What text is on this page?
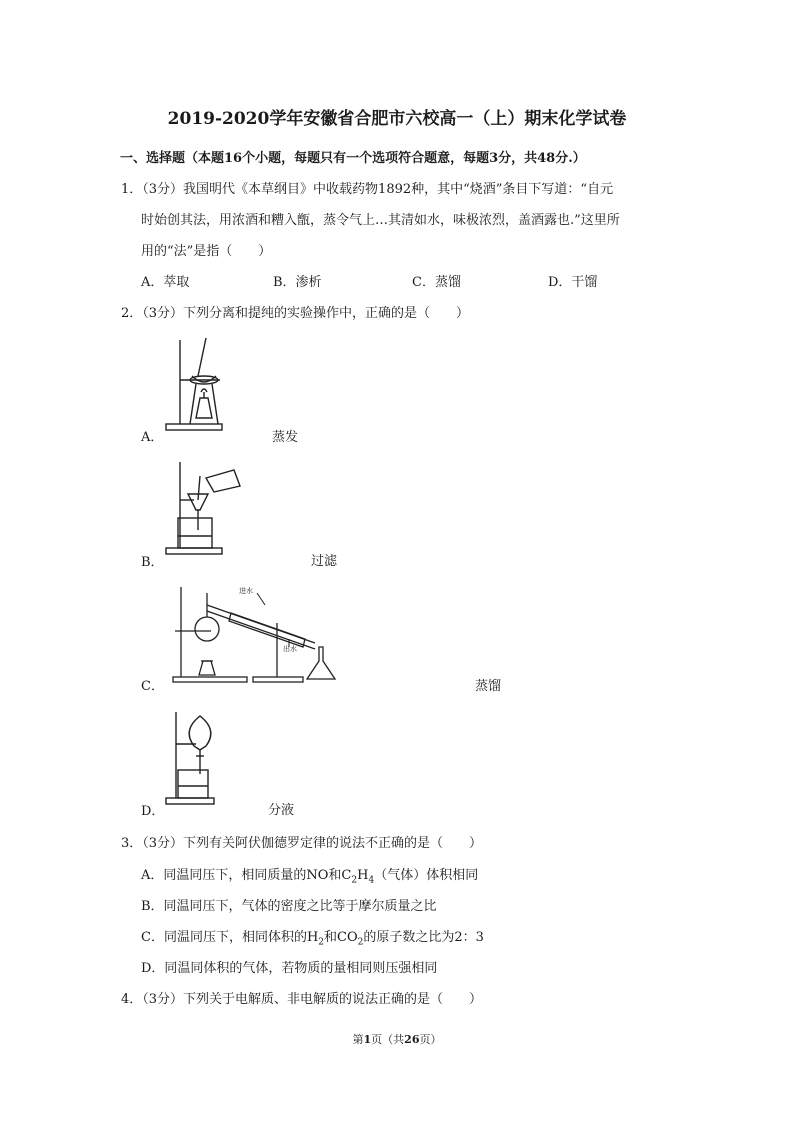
2019-2020学年安徽省合肥市六校高一（上）期末化学试卷
一、选择题（本题16个小题，每题只有一个选项符合题意，每题3分，共48分.）
1．（3分）我国明代《本草纲目》中收载药物1892种，其中“烧酒”条目下写道：“自元
时始创其法，用浓酒和糟入甑，蒸令气上…其清如水，味极浓烈，盖酒露也.”这里所
用的“法”是指（　　）
A．萃取	B．渗析	C．蒸馏	D．干馏
2．（3分）下列分离和提纯的实验操作中，正确的是（　　）
A．	蒸发
B．	过滤
进水
出水
C．	蒸馏
D．	分液
3．（3分）下列有关阿伏伽德罗定律的说法不正确的是（　　）
A．同温同压下，相同质量的NO和$C_2H_4$（气体）体积相同
B．同温同压下，气体的密度之比等于摩尔质量之比
C．同温同压下，相同体积的$H_2$和$CO_2$的原子数之比为2：3
D．同温同体积的气体，若物质的量相同则压强相同
4．（3分）下列关于电解质、非电解质的说法正确的是（　　）
第1页（共26页）
